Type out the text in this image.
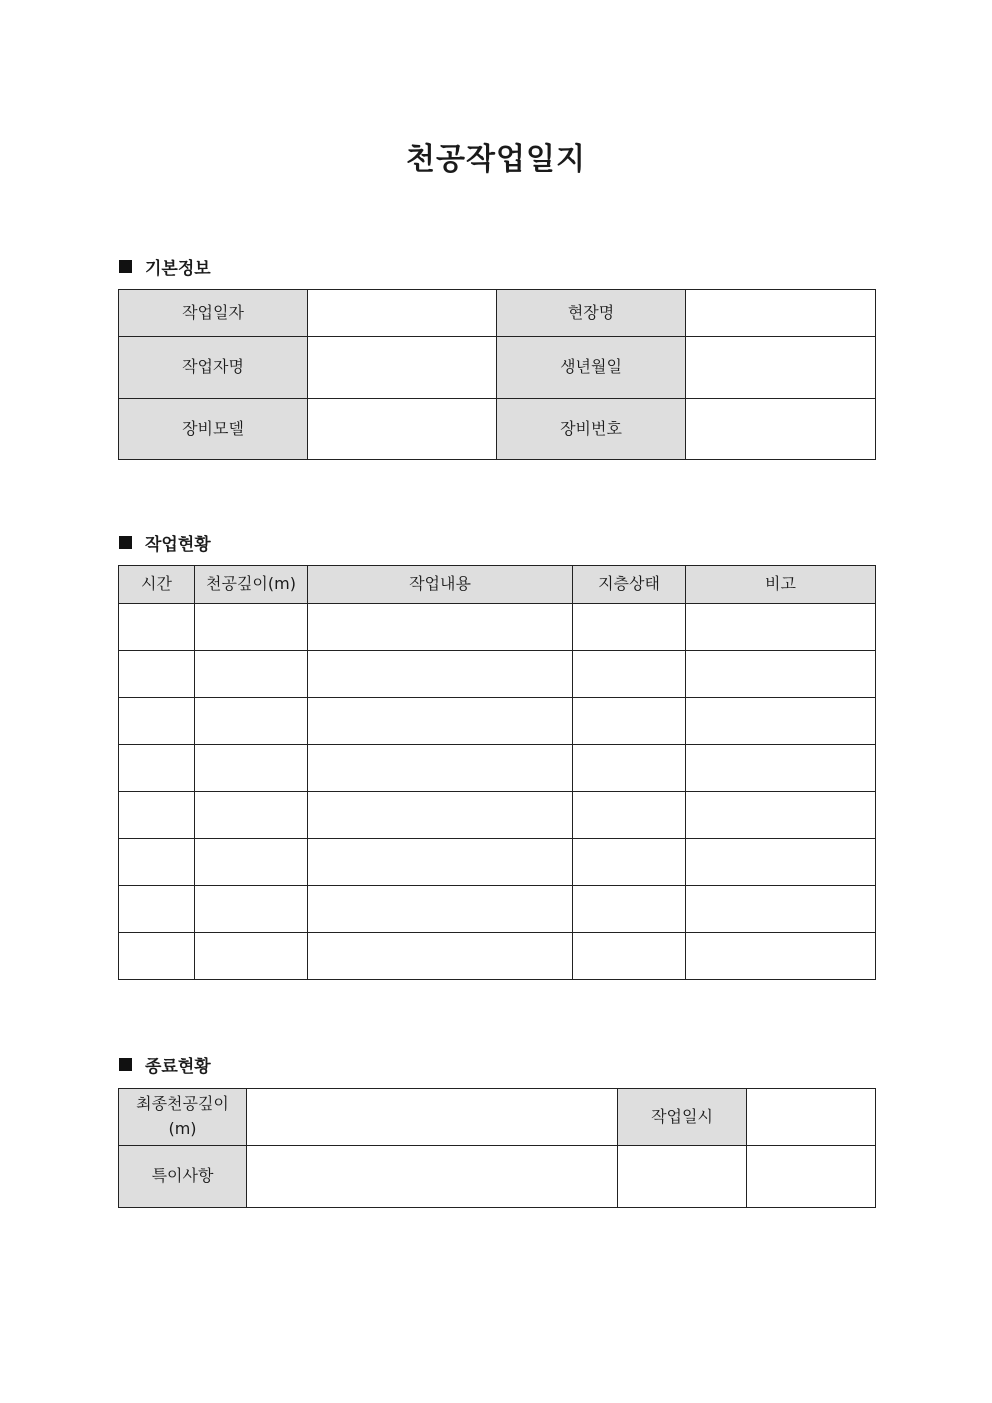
천공작업일지
기본정보
작업일자		현장명	
작업자명		생년월일	
장비모델		장비번호	
작업현황
시간	천공깊이(m)	작업내용	지층상태	비고

종료현황
최종천공깊이(m)		작업일시	
특이사항			
